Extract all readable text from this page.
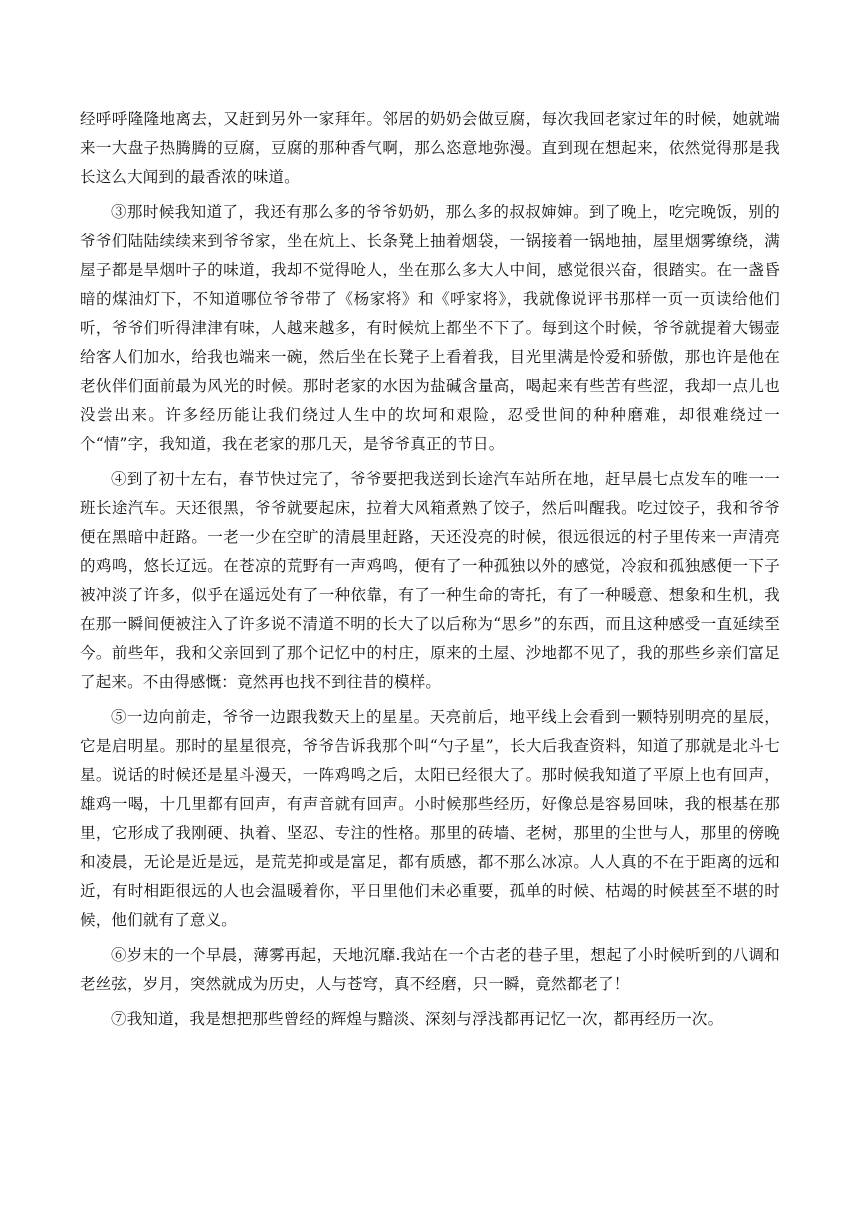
经呼呼隆隆地离去，又赶到另外一家拜年。邻居的奶奶会做豆腐，每次我回老家过年的时候，她就端来一大盘子热腾腾的豆腐，豆腐的那种香气啊，那么恣意地弥漫。直到现在想起来，依然觉得那是我长这么大闻到的最香浓的味道。

③那时候我知道了，我还有那么多的爷爷奶奶，那么多的叔叔婶婶。到了晚上，吃完晚饭，别的爷爷们陆陆续续来到爷爷家，坐在炕上、长条凳上抽着烟袋，一锅接着一锅地抽，屋里烟雾缭绕，满屋子都是旱烟叶子的味道，我却不觉得呛人，坐在那么多大人中间，感觉很兴奋，很踏实。在一盏昏暗的煤油灯下，不知道哪位爷爷带了《杨家将》和《呼家将》，我就像说评书那样一页一页读给他们听，爷爷们听得津津有味，人越来越多，有时候炕上都坐不下了。每到这个时候，爷爷就提着大锡壶给客人们加水，给我也端来一碗，然后坐在长凳子上看着我，目光里满是怜爱和骄傲，那也许是他在老伙伴们面前最为风光的时候。那时老家的水因为盐碱含量高，喝起来有些苦有些涩，我却一点儿也没尝出来。许多经历能让我们绕过人生中的坎坷和艰险，忍受世间的种种磨难，却很难绕过一个“情”字，我知道，我在老家的那几天，是爷爷真正的节日。

④到了初十左右，春节快过完了，爷爷要把我送到长途汽车站所在地，赶早晨七点发车的唯一一班长途汽车。天还很黑，爷爷就要起床，拉着大风箱煮熟了饺子，然后叫醒我。吃过饺子，我和爷爷便在黑暗中赶路。一老一少在空旷的清晨里赶路，天还没亮的时候，很远很远的村子里传来一声清亮的鸡鸣，悠长辽远。在苍凉的荒野有一声鸡鸣，便有了一种孤独以外的感觉，冷寂和孤独感便一下子被冲淡了许多，似乎在遥远处有了一种依靠，有了一种生命的寄托，有了一种暖意、想象和生机，我在那一瞬间便被注入了许多说不清道不明的长大了以后称为“思乡”的东西，而且这种感受一直延续至今。前些年，我和父亲回到了那个记忆中的村庄，原来的土屋、沙地都不见了，我的那些乡亲们富足了起来。不由得感慨：竟然再也找不到往昔的模样。

⑤一边向前走，爷爷一边跟我数天上的星星。天亮前后，地平线上会看到一颗特别明亮的星辰，它是启明星。那时的星星很亮，爷爷告诉我那个叫“勺子星”，长大后我查资料，知道了那就是北斗七星。说话的时候还是星斗漫天，一阵鸡鸣之后，太阳已经很大了。那时候我知道了平原上也有回声，雄鸡一喝，十几里都有回声，有声音就有回声。小时候那些经历，好像总是容易回味，我的根基在那里，它形成了我刚硬、执着、坚忍、专注的性格。那里的砖墙、老树，那里的尘世与人，那里的傍晚和凌晨，无论是近是远，是荒芜抑或是富足，都有质感，都不那么冰凉。人人真的不在于距离的远和近，有时相距很远的人也会温暖着你，平日里他们未必重要，孤单的时候、枯竭的时候甚至不堪的时候，他们就有了意义。

⑥岁末的一个早晨，薄雾再起，天地沉靡.我站在一个古老的巷子里，想起了小时候听到的八调和老丝弦，岁月，突然就成为历史，人与苍穹，真不经磨，只一瞬，竟然都老了！

⑦我知道，我是想把那些曾经的辉煌与黯淡、深刻与浮浅都再记忆一次，都再经历一次。
